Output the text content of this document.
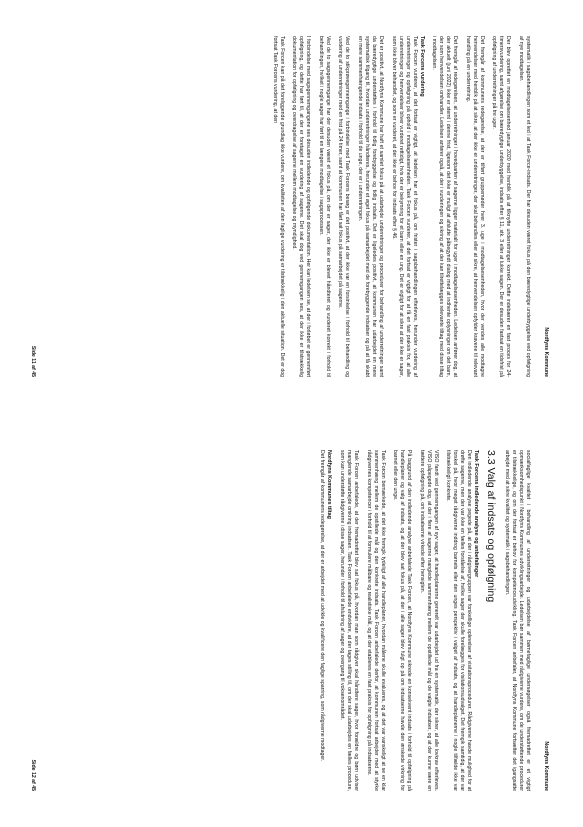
Nordfyns Kommune

systematik i sagsbehandlingen som et led i at Task Force-indsats. Der har desuden været fokus på den bæredygtige underbyggelse ved opfølgning af nye modtagelser.

Der blev oprettet en modtagelsesenhed januar 2020 med henblik på at tilknytte underretninger korrekt. Dette indebærer en fast proces for 24-timersvurdering, samt afgørelse om bæredygtige underbyggelse, indsats efter § 11, stk. 3 eller at lukke sagen. Der er desuden fastsat en tidsfrist på opfølgning af underretninger på tre uger.

Det fremgår af kommunens redegørelse, at der er tilført gruppemøder hver 3. uge i modtagelsesenheden, hvor der vendes alle modtagne henvendelser med henblik på at sikre, at der ikke er underretninger, der skal behandles eller at sikre, at henvendelsen opfylder kravene til relevant handling på en underretning.

Det fremgår af redegørelsen, at underretninger i hovedparten af sagerne ligger materialt for uger i modtagelsesenheden. Ledelsen anfører dog, at der aktuelt (juni 2022) ikke er stemt i denne frist, ligesom det ikke er muligt at afslutte påbegyndt dialog med at indhente oplysninger om det barn, der som henvendelsen omhandler. Ledelsen anfører også, at der i vurderingen og sikring af at der kan tilrettelægges relevante tiltag med disse tiltag i modtagelsen.

Task Forcens vurdering

Task Forcen vurderer, at det fortsat er vigtigt, at ledelsen har et fokus på, om frister i sagsbehandlingen efterleves, herunder vurdering af underretninger og opfølgning på ophold i modtagelsesenheden. Task Forcen vurderer, at det fortsat er vigtigt for at få en fast praksis for, at alle underretninger og henvendelser bliver vurderet rettidigt, hvis der er bekymring for et barn eller en ung. Det er vigtigt for at sikre at der ikke er sager, som ikke bliver behandlet, og som er vurderet, at der ikke er behov for indsats efter § 46.

Det er positivt, at Nordfyns Kommune har haft et samlet fokus på at udarbejde underretninger og procedurer for behandling af underretninger samt da bæredygtige understøttes i forhold til tidlig forebyggelse og tidlig indsats. Det er ligeledes positivt, at kommunen har udarbejdet en mere systematisk tilgang til, hvordan underretninger håndteres, herunder et øget fokus på samarbejdet med de forebyggende indsatser og på at få skabt en mere sammenhængende indsats i forhold til de unge, der er i underretningen.

Ved de to stikprøvegennemgange i forbindelse med Task Forcens besøg er det positivt, at der ikke var en forsinkelse i forhold til behandling og vurdering af underretninger med en frist på 24 timer, samt at kommunen har fået sat fokus på samarbejdet på sagerne.

Ved de to sagsgennemgange har der desuden været et fokus på, om der er sager, der ikke er blevet håndteret og vurderet korrekt i forhold til behandlingen, hvilket i nogle sager har ført til en længere modtagelse i sagsprocessen.

I forbindelse med sagsgennemgangene ses desuden indledende og opfølgende dokumentation. Her kan ledelsen se, at der i forløbet er gennemført opfølgning, og dette har ført til, at der er foretaget en vurdering af sagerne. Det skal dog ved gennemgangen ses, at der ikke er tilstrækkelig dokumentation for opfølgning og overdragelse af sagerne mellem modtagelse og myndighed.

Task Forcen kan på det foreliggende grundlag ikke vurdere, om kvaliteten af den faglige vurdering er tilstrækkelig i den aktuelle situation. Det er dog fortsat Task Forcens vurdering, at den

Side 11 af 45
Nordfyns Kommune

socialfaglige kvalitet i behandling af underretninger og udarbejdelse af børnefaglige undersøgelser også fremadrettet er et vigtigt opmærksomhedspunkt i Nordfyns Kommunes udviklingsarbejde. Ledelsen bør sammen med rådgiverne vurdere, om de understøttende procedurer er tilstrækkelige, og om der fortsat er behov for kompetenceudvikling. Task Forcen anbefaler, at Nordfyns Kommune fortsætter det igangsatte arbejde med at sikre kvalitet og systematik i sagsbehandlingen.

3.3 Valg af indsats og opfølgning
Task Forcens indledende analyse og anbefalinger

Den indledende analyse pegede på, at der i rådgivergruppen var forskellige oplevelser af visitationsprocedurer. Rådgiverne havde mulighed for at drøfte sagerne, men der var ikke en fælles forståelse af, hvilke sager der skulle forelægges for visitationsudvalget. Det fremgik samtidig, at der var forskel på, hvor meget rådgiverne inddrog barnets eller den unges perspektiv i valget af indsats, og at handleplanerne i nogle tilfælde ikke var tilstrækkeligt konkrete.

VISO fandt ved gennemgangen af syv sager, at handleplanerne generelt var udarbejdet ud fra en systematik, der sikrer, at alle lovkrav efterleves. VISO påpegede dog, at der i flere af sagerne manglede sammenhæng mellem de opstillede mål og de valgte indsatser, og at der kunne være en tættere opfølgning på, om indsatserne virkede efter hensigten.

På baggrund af den indledende analyse anbefalede Task Forcen, at Nordfyns Kommune sikrede en konsekvent indsats i forhold til opfølgning på handleplaner og valg af indsats, og at der blev sat fokus på, at der i alle sager blev fulgt op på om indsatserne havde den ønskede virkning for barnet eller den unge.

Task Forcen bemærkede, at det ikke fremgik tydeligt af alle handleplaner, hvordan målene skulle evalueres, og at det var vanskeligt at se en klar sammenhæng mellem de opstillede mål og den konkrete indsats. Task Forcen anbefalede derfor, at kommunen fortsat arbejder med at styrke rådgivernes kompetencer i forhold til at formulere målbare og realistiske mål, og at der etableres en fast praksis for opfølgning på indsatserne.

Task Forcen anbefalede, at der fremadrettet blev sat fokus på, hvordan man som rådgiver skal håndtere sager, hvor forældre og børn udviser manglende samarbejde omkring indsatsen. Task Forcen anbefalede endvidere, at der tages stilling til, om der skal udarbejdes en fælles procedure, som kan understøtte rådgiverne i disse sager, herunder i forhold til afslutning af sager og overgang til voksenområdet.

Nordfyns Kommunes tiltag

Det fremgår af kommunens redegørelse, at der er arbejdet med at udvikle og kvalificere den faglige sparring, som rådgiverne modtager.

Side 12 af 45
